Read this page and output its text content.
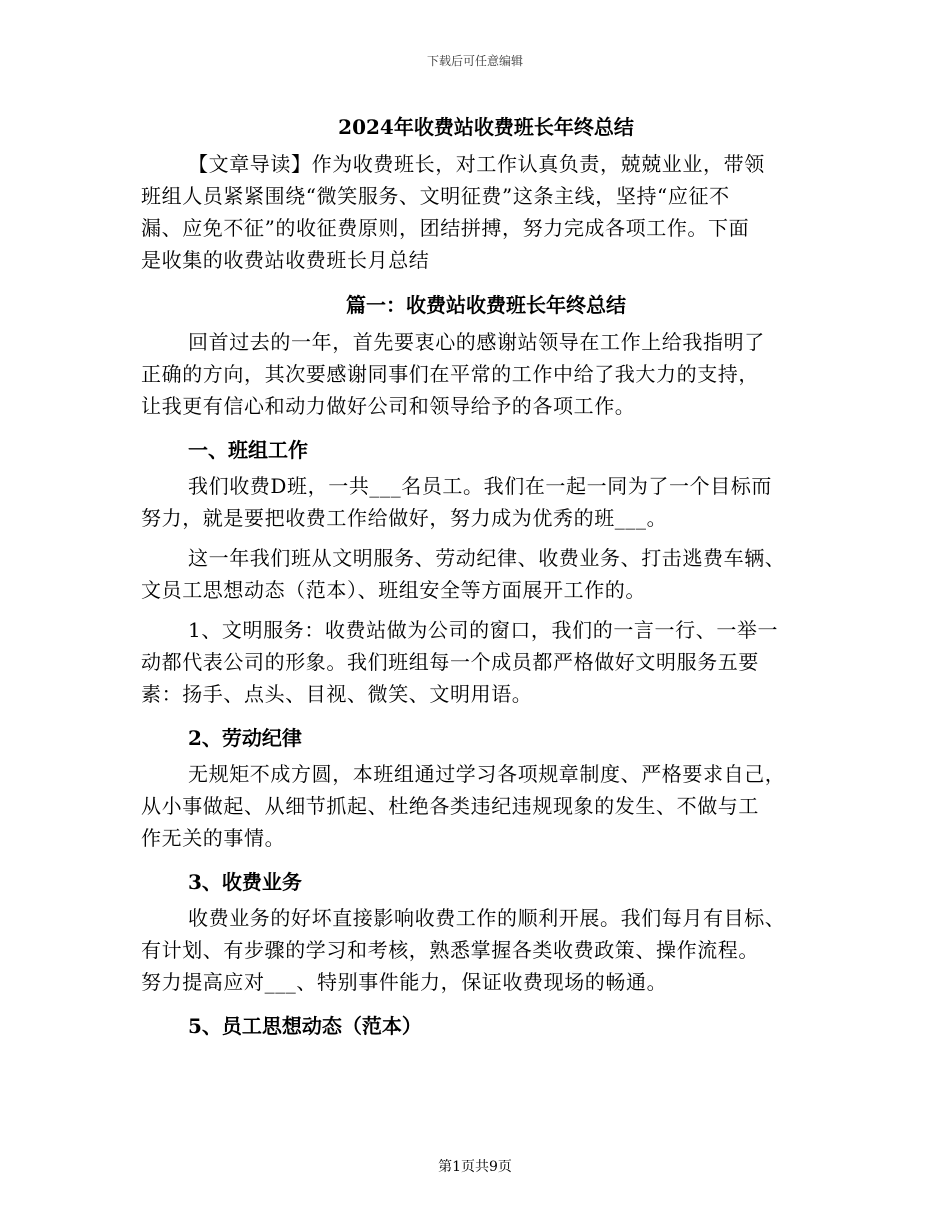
下载后可任意编辑
2024年收费站收费班长年终总结
【文章导读】作为收费班长，对工作认真负责，兢兢业业，带领
班组人员紧紧围绕“微笑服务、文明征费”这条主线，坚持“应征不
漏、应免不征”的收征费原则，团结拼搏，努力完成各项工作。下面
是收集的收费站收费班长月总结
篇一：收费站收费班长年终总结
回首过去的一年，首先要衷心的感谢站领导在工作上给我指明了
正确的方向，其次要感谢同事们在平常的工作中给了我大力的支持，
让我更有信心和动力做好公司和领导给予的各项工作。
一、班组工作
我们收费D班，一共___名员工。我们在一起一同为了一个目标而
努力，就是要把收费工作给做好，努力成为优秀的班___。
这一年我们班从文明服务、劳动纪律、收费业务、打击逃费车辆、
文员工思想动态（范本）、班组安全等方面展开工作的。
1、文明服务：收费站做为公司的窗口，我们的一言一行、一举一
动都代表公司的形象。我们班组每一个成员都严格做好文明服务五要
素：扬手、点头、目视、微笑、文明用语。
2、劳动纪律
无规矩不成方圆，本班组通过学习各项规章制度、严格要求自己，
从小事做起、从细节抓起、杜绝各类违纪违规现象的发生、不做与工
作无关的事情。
3、收费业务
收费业务的好坏直接影响收费工作的顺利开展。我们每月有目标、
有计划、有步骤的学习和考核，熟悉掌握各类收费政策、操作流程。
努力提高应对___、特别事件能力，保证收费现场的畅通。
5、员工思想动态（范本）
第1页共9页
